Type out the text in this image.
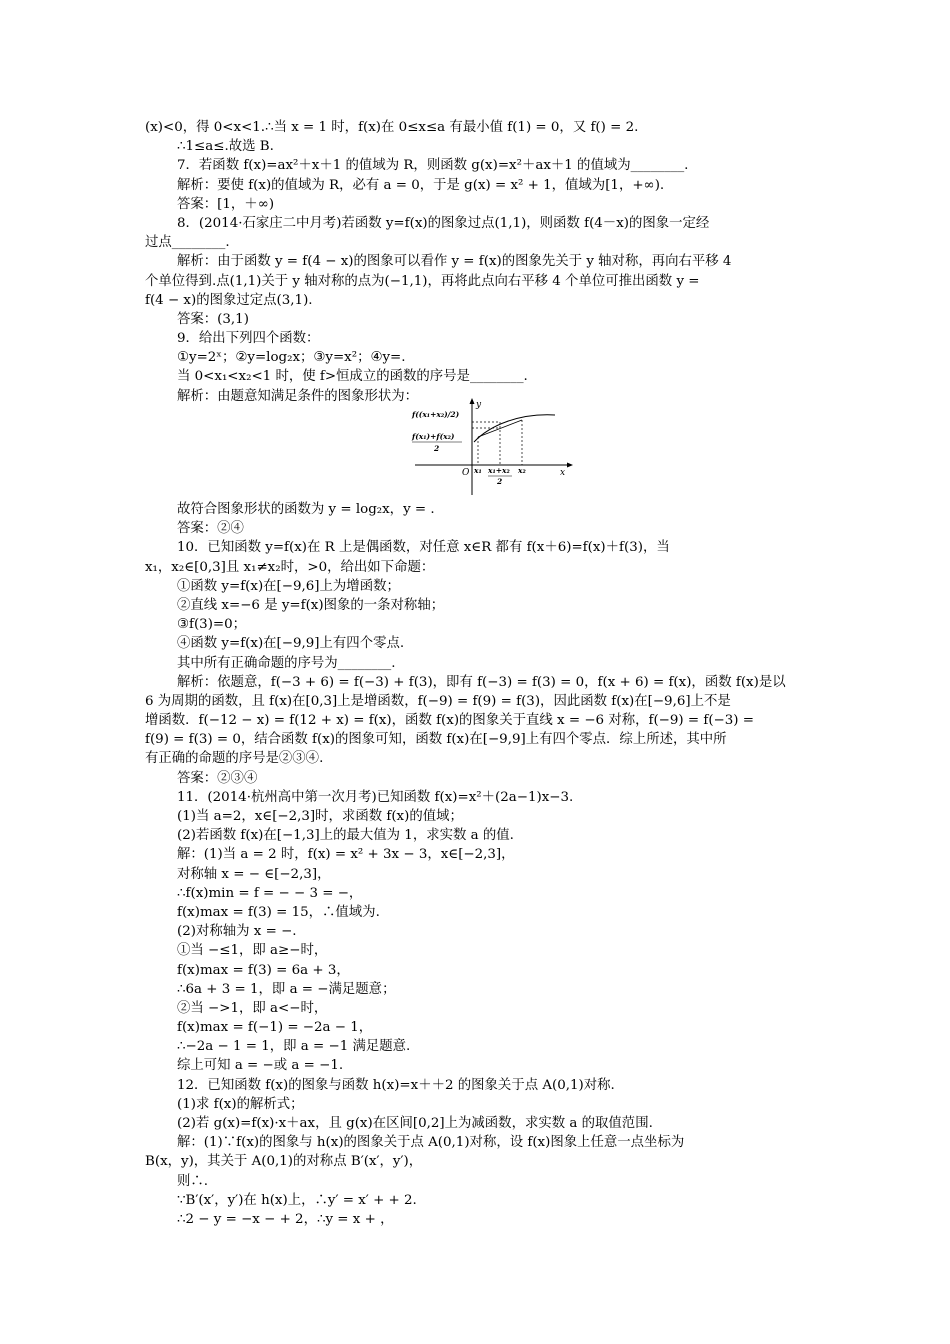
(x)<0，得 0<x<1.∴当 x = 1 时，f(x)在 0≤x≤a 有最小值 f(1) = 0，又 f() = 2.
∴1≤a≤.故选 B.
7．若函数 f(x)=ax²＋x＋1 的值域为 R，则函数 g(x)=x²＋ax＋1 的值域为________.
解析：要使 f(x)的值域为 R，必有 a = 0，于是 g(x) = x² + 1，值域为[1，+∞).
答案：[1，＋∞)
8．(2014·石家庄二中月考)若函数 y=f(x)的图象过点(1,1)，则函数 f(4－x)的图象一定经
过点________.
解析：由于函数 y = f(4 − x)的图象可以看作 y = f(x)的图象先关于 y 轴对称，再向右平移 4
个单位得到.点(1,1)关于 y 轴对称的点为(−1,1)，再将此点向右平移 4 个单位可推出函数 y =
f(4 − x)的图象过定点(3,1).
答案：(3,1)
9．给出下列四个函数：
①y=2ˣ；②y=log₂x；③y=x²；④y=.
当 0<x₁<x₂<1 时，使 f>恒成立的函数的序号是________.
解析：由题意知满足条件的图象形状为：
y
x
O
f((x₁+x₂)/2)
f(x₁)+f(x₂)
2
x₁ x₁+x₂
2
x₂
故符合图象形状的函数为 y = log₂x，y = .
答案：②④
10．已知函数 y=f(x)在 R 上是偶函数，对任意 x∈R 都有 f(x＋6)=f(x)＋f(3)，当
x₁，x₂∈[0,3]且 x₁≠x₂时，>0，给出如下命题：
①函数 y=f(x)在[−9,6]上为增函数；
②直线 x=−6 是 y=f(x)图象的一条对称轴；
③f(3)=0；
④函数 y=f(x)在[−9,9]上有四个零点.
其中所有正确命题的序号为________.
解析：依题意，f(−3 + 6) = f(−3) + f(3)，即有 f(−3) = f(3) = 0，f(x + 6) = f(x)，函数 f(x)是以
6 为周期的函数，且 f(x)在[0,3]上是增函数，f(−9) = f(9) = f(3)，因此函数 f(x)在[−9,6]上不是
增函数．f(−12 − x) = f(12 + x) = f(x)，函数 f(x)的图象关于直线 x = −6 对称，f(−9) = f(−3) =
f(9) = f(3) = 0，结合函数 f(x)的图象可知，函数 f(x)在[−9,9]上有四个零点．综上所述，其中所
有正确的命题的序号是②③④.
答案：②③④
11．(2014·杭州高中第一次月考)已知函数 f(x)=x²＋(2a−1)x−3.
(1)当 a=2，x∈[−2,3]时，求函数 f(x)的值域；
(2)若函数 f(x)在[−1,3]上的最大值为 1，求实数 a 的值.
解：(1)当 a = 2 时，f(x) = x² + 3x − 3，x∈[−2,3]，
对称轴 x = − ∈[−2,3]，
∴f(x)min = f = − − 3 = −，
f(x)max = f(3) = 15，∴值域为.
(2)对称轴为 x = −.
①当 −≤1，即 a≥−时，
f(x)max = f(3) = 6a + 3，
∴6a + 3 = 1，即 a = −满足题意；
②当 −>1，即 a<−时，
f(x)max = f(−1) = −2a − 1，
∴−2a − 1 = 1，即 a = −1 满足题意.
综上可知 a = −或 a = −1.
12．已知函数 f(x)的图象与函数 h(x)=x＋＋2 的图象关于点 A(0,1)对称.
(1)求 f(x)的解析式；
(2)若 g(x)=f(x)·x＋ax，且 g(x)在区间[0,2]上为减函数，求实数 a 的取值范围.
解：(1)∵f(x)的图象与 h(x)的图象关于点 A(0,1)对称，设 f(x)图象上任意一点坐标为
B(x，y)，其关于 A(0,1)的对称点 B′(x′，y′)，
则∴.
∵B′(x′，y′)在 h(x)上，∴y′ = x′ + + 2.
∴2 − y = −x − + 2，∴y = x + ，
